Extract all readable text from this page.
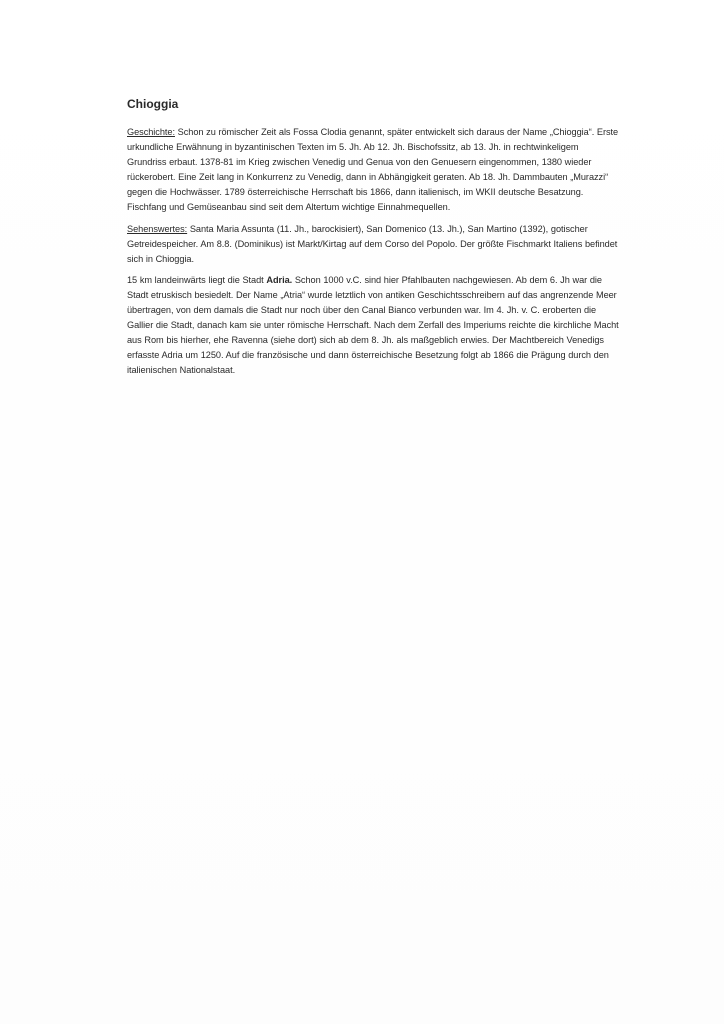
Chioggia

Geschichte: Schon zu römischer Zeit als Fossa Clodia genannt, später entwickelt sich daraus der Name „Chioggia“. Erste urkundliche Erwähnung in byzantinischen Texten im 5. Jh. Ab 12. Jh. Bischofssitz, ab 13. Jh. in rechtwinkeligem Grundriss erbaut. 1378-81 im Krieg zwischen Venedig und Genua von den Genuesern eingenommen, 1380 wieder rückerobert. Eine Zeit lang in Konkurrenz zu Venedig, dann in Abhängigkeit geraten. Ab 18. Jh. Dammbauten „Murazzi“ gegen die Hochwässer. 1789 österreichische Herrschaft bis 1866, dann italienisch, im WKII deutsche Besatzung. Fischfang und Gemüseanbau sind seit dem Altertum wichtige Einnahmequellen.

Sehenswertes: Santa Maria Assunta (11. Jh., barockisiert), San Domenico (13. Jh.), San Martino (1392), gotischer Getreidespeicher. Am 8.8. (Dominikus) ist Markt/Kirtag auf dem Corso del Popolo. Der größte Fischmarkt Italiens befindet sich in Chioggia.

15 km landeinwärts liegt die Stadt Adria. Schon 1000 v.C. sind hier Pfahlbauten nachgewiesen. Ab dem 6. Jh war die Stadt etruskisch besiedelt. Der Name „Atria“ wurde letztlich von antiken Geschichtsschreibern auf das angrenzende Meer übertragen, von dem damals die Stadt nur noch über den Canal Bianco verbunden war. Im 4. Jh. v. C. eroberten die Gallier die Stadt, danach kam sie unter römische Herrschaft. Nach dem Zerfall des Imperiums reichte die kirchliche Macht aus Rom bis hierher, ehe Ravenna (siehe dort) sich ab dem 8. Jh. als maßgeblich erwies. Der Machtbereich Venedigs erfasste Adria um 1250. Auf die französische und dann österreichische Besetzung folgt ab 1866 die Prägung durch den italienischen Nationalstaat.
